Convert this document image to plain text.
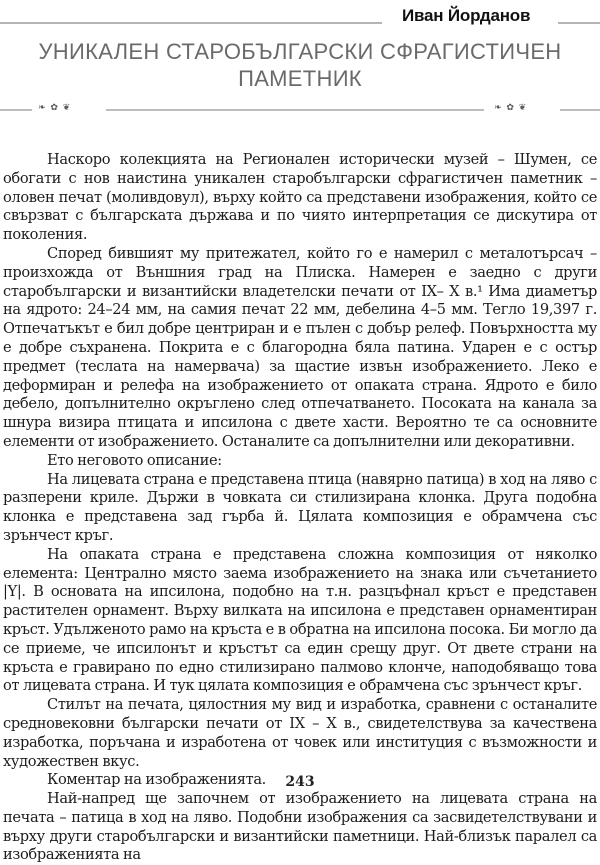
Иван Йорданов
УНИКАЛЕН СТАРОБЪЛГАРСКИ СФРАГИСТИЧЕН ПАМЕТНИК
❧ ✿ ❦	❧ ✿ ❦

Наскоро колекцията на Регионален исторически музей – Шумен, се обогати с нов наистина уникален старобългарски сфрагистичен паметник – оловен печат (моливдовул), върху който са представени изображения, който се свързват с българската държава и по чиято интерпретация се дискутира от поколения.

Според бившият му притежател, който го е намерил с металотърсач – произхожда от Външния град на Плиска. Намерен е заедно с други старобългарски и византийски владетелски печати от IX– X в.¹ Има диаметър на ядрото: 24–24 мм, на самия печат 22 мм, дебелина 4–5 мм. Тегло 19,397 г. Отпечатъкът е бил добре центриран и е пълен с добър релеф. Повърхността му е добре съхранена. Покрита е с благородна бяла патина. Ударен е с остър предмет (теслата на намервача) за щастие извън изображението. Леко е деформиран и релефа на изображението от опаката страна. Ядрото е било дебело, допълнително окръглено след отпечатването. Посоката на канала за шнура визира птицата и ипсилона с двете хасти. Вероятно те са основните елементи от изображението. Останалите са допълнителни или декоративни.

Ето неговото описание:

На лицевата страна е представена птица (навярно патица) в ход на ляво с разперени криле. Държи в човката си стилизирана клонка. Друга подобна клонка е представена зад гърба й. Цялата композиция е обрамчена със зрънчест кръг.

На опаката страна е представена сложна композиция от няколко елемента: Централно място заема изображението на знака или съчетанието |Y|. В основата на ипсилона, подобно на т.н. разцъфнал кръст е представен растителен орнамент. Върху вилката на ипсилона е представен орнаментиран кръст. Удълженото рамо на кръста е в обратна на ипсилона посока. Би могло да се приеме, че ипсилонът и кръстът са един срещу друг. От двете страни на кръста е гравирано по едно стилизирано палмово клонче, наподобяващо това от лицевата страна. И тук цялата композиция е обрамчена със зрънчест кръг.

Стилът на печата, цялостния му вид и изработка, сравнени с останалите средновековни български печати от IX – X в., свидетелствува за качествена изработка, поръчана и изработена от човек или институция с възможности и художествен вкус.

Коментар на изображенията.

Най-напред ще започнем от изображението на лицевата страна на печата – патица в ход на ляво. Подобни изображения са засвидетелствувани и върху други старобългарски и византийски паметници. Най-близък паралел са изображенията на

243
